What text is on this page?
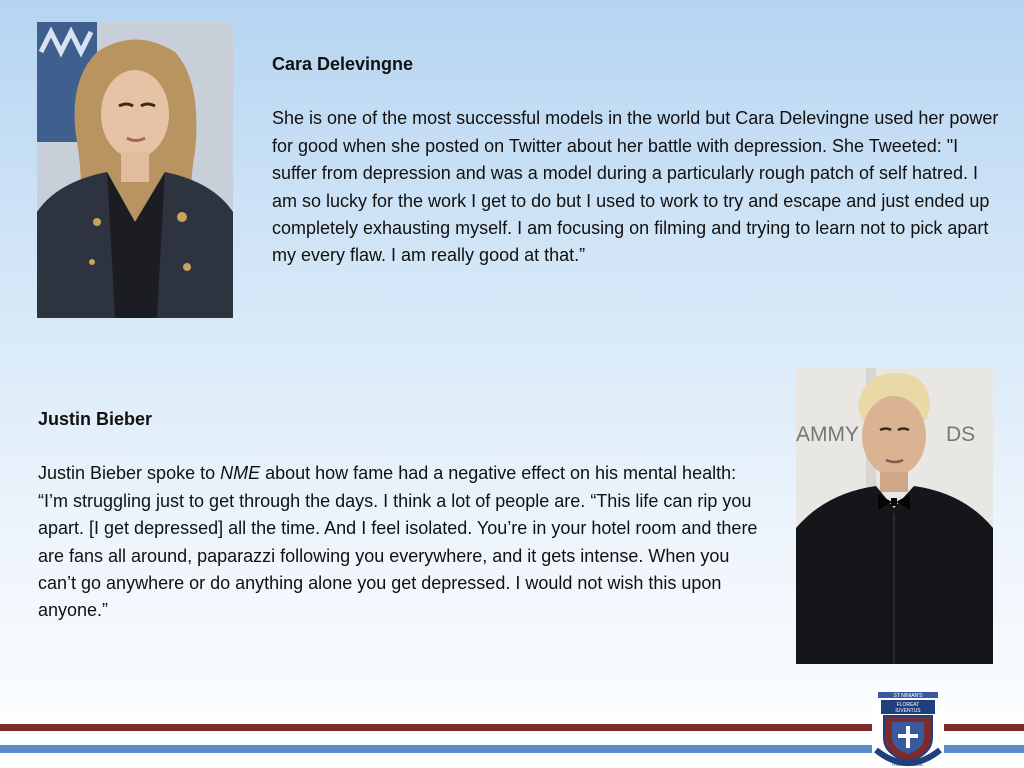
Cara Delevingne

She is one of the most successful models in the world but Cara Delevingne used her power for good when she posted on Twitter about her battle with depression. She Tweeted: "I suffer from depression and was a model during a particularly rough patch of self hatred. I am so lucky for the work I get to do but I used to work to try and escape and just ended up completely exhausting myself. I am focusing on filming and trying to learn not to pick apart my every flaw. I am really good at that.”

Justin Bieber

Justin Bieber spoke to NME about how fame had a negative effect on his mental health: “I’m struggling just to get through the days. I think a lot of people are. “This life can rip you apart. [I get depressed] all the time. And I feel isolated. You’re in your hotel room and there are fans all around, paparazzi following you everywhere, and it gets intense. When you can’t go anywhere or do anything alone you get depressed. I would not wish this upon anyone.”

AMMY	DS
ST NINIAN'S
FLOREAT
IUVENTUS
HIGH SCHOOL
